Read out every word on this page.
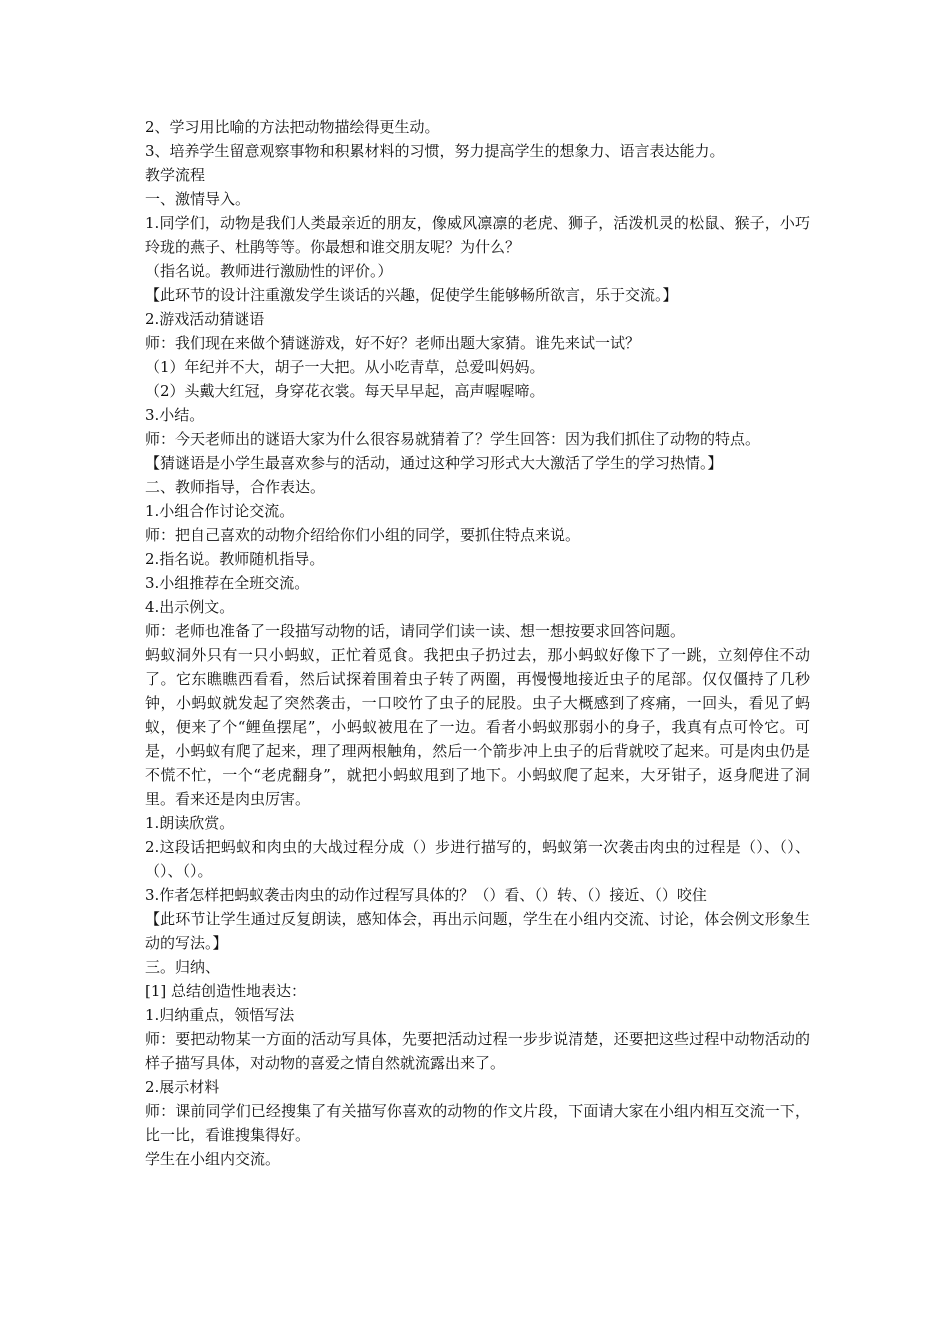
2、学习用比喻的方法把动物描绘得更生动。

3、培养学生留意观察事物和积累材料的习惯，努力提高学生的想象力、语言表达能力。

教学流程

一、激情导入。

1.同学们，动物是我们人类最亲近的朋友，像威风凛凛的老虎、狮子，活泼机灵的松鼠、猴子，小巧玲珑的燕子、杜鹃等等。你最想和谁交朋友呢？为什么？

（指名说。教师进行激励性的评价。）

【此环节的设计注重激发学生谈话的兴趣，促使学生能够畅所欲言，乐于交流。】

2.游戏活动猜谜语

师：我们现在来做个猜谜游戏，好不好？老师出题大家猜。谁先来试一试？

（1）年纪并不大，胡子一大把。从小吃青草，总爱叫妈妈。

（2）头戴大红冠，身穿花衣裳。每天早早起，高声喔喔啼。

3.小结。

师：今天老师出的谜语大家为什么很容易就猜着了？学生回答：因为我们抓住了动物的特点。

【猜谜语是小学生最喜欢参与的活动，通过这种学习形式大大激活了学生的学习热情。】

二、教师指导，合作表达。

1.小组合作讨论交流。

师：把自己喜欢的动物介绍给你们小组的同学，要抓住特点来说。

2.指名说。教师随机指导。

3.小组推荐在全班交流。

4.出示例文。

师：老师也准备了一段描写动物的话，请同学们读一读、想一想按要求回答问题。

蚂蚁洞外只有一只小蚂蚁，正忙着觅食。我把虫子扔过去，那小蚂蚁好像下了一跳，立刻停住不动了。它东瞧瞧西看看，然后试探着围着虫子转了两圈，再慢慢地接近虫子的尾部。仅仅僵持了几秒钟，小蚂蚁就发起了突然袭击，一口咬竹了虫子的屁股。虫子大概感到了疼痛，一回头，看见了蚂蚁，便来了个“鲤鱼摆尾”，小蚂蚁被甩在了一边。看者小蚂蚁那弱小的身子，我真有点可怜它。可是，小蚂蚁有爬了起来，理了理两根触角，然后一个箭步冲上虫子的后背就咬了起来。可是肉虫仍是不慌不忙，一个“老虎翻身”，就把小蚂蚁甩到了地下。小蚂蚁爬了起来，大牙钳子，返身爬进了洞里。看来还是肉虫厉害。

1.朗读欣赏。

2.这段话把蚂蚁和肉虫的大战过程分成（）步进行描写的，蚂蚁第一次袭击肉虫的过程是（）、（）、（）、（）。

3.作者怎样把蚂蚁袭击肉虫的动作过程写具体的？（）看、（）转、（）接近、（）咬住

【此环节让学生通过反复朗读，感知体会，再出示问题，学生在小组内交流、讨论，体会例文形象生动的写法。】

三。归纳、

[1] 总结创造性地表达：

1.归纳重点，领悟写法

师：要把动物某一方面的活动写具体，先要把活动过程一步步说清楚，还要把这些过程中动物活动的样子描写具体，对动物的喜爱之情自然就流露出来了。

2.展示材料

师：课前同学们已经搜集了有关描写你喜欢的动物的作文片段，下面请大家在小组内相互交流一下，比一比，看谁搜集得好。

学生在小组内交流。
